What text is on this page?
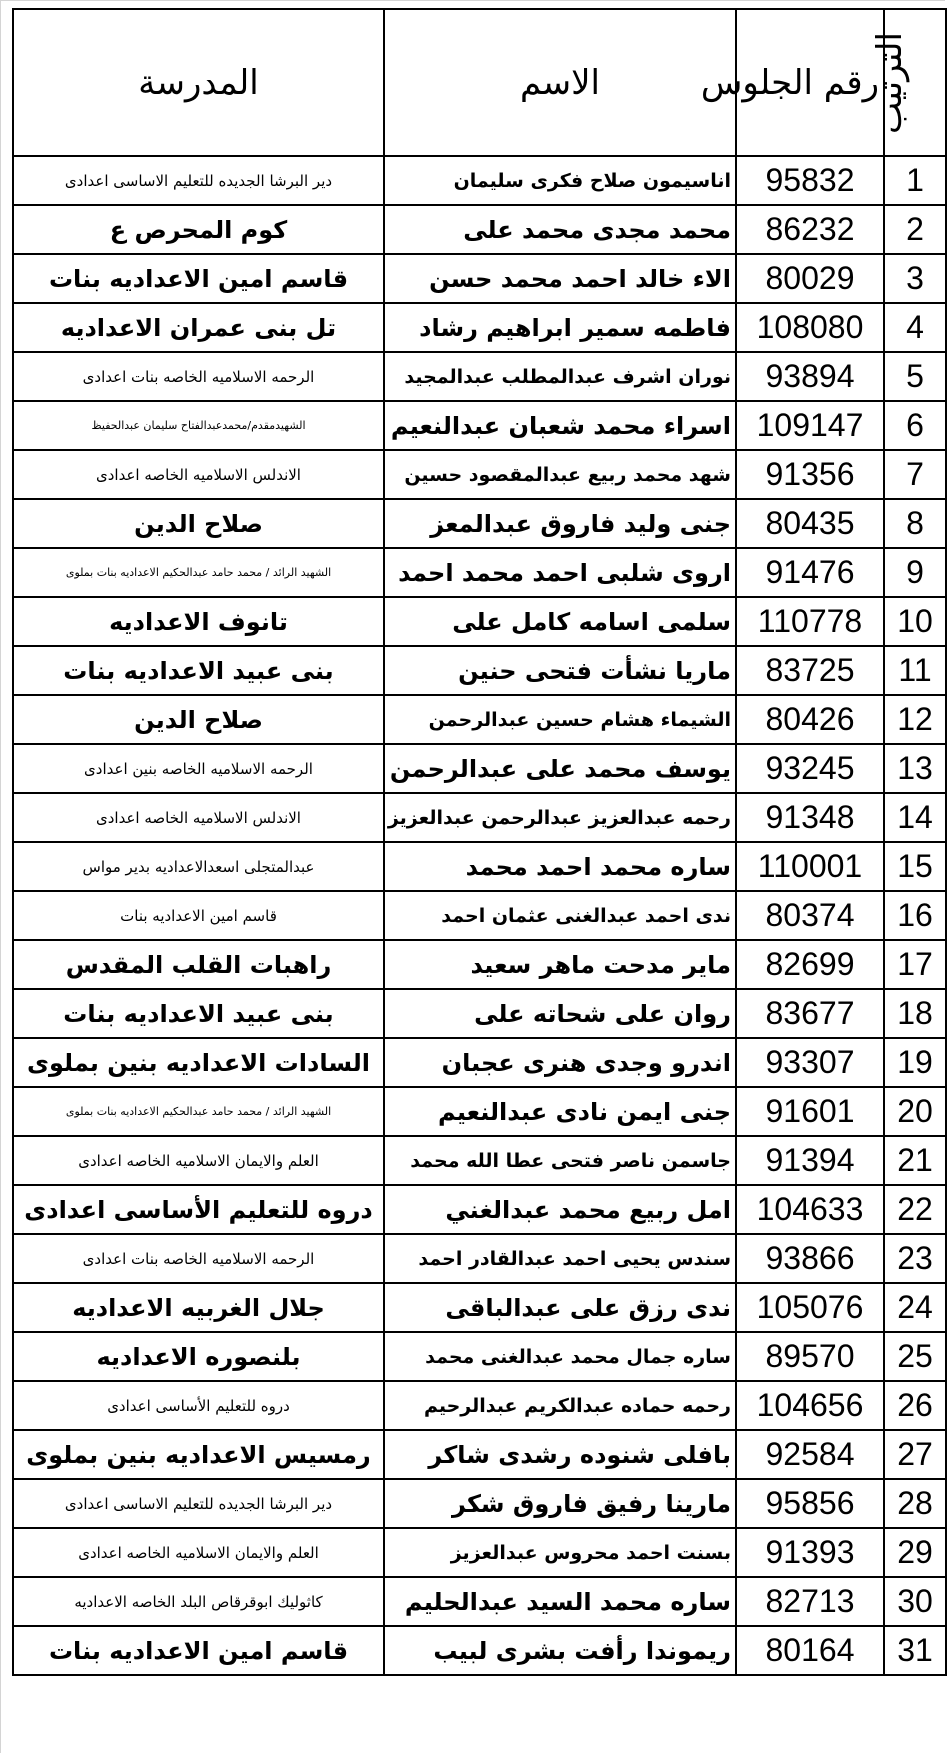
الترتيب	رقم الجلوس	الاسم	المدرسة
1	95832	اناسيمون صلاح فكرى سليمان	دير البرشا الجديده للتعليم الاساسى اعدادى
2	86232	محمد مجدى محمد على	كوم المحرص ع
3	80029	الاء خالد احمد محمد حسن	قاسم امين الاعداديه بنات
4	108080	فاطمه سمير ابراهيم رشاد	تل بنى عمران الاعداديه
5	93894	نوران اشرف عبدالمطلب عبدالمجيد	الرحمه الاسلاميه الخاصه بنات اعدادى
6	109147	اسراء محمد شعبان عبدالنعيم	الشهيدمقدم/محمدعبدالفتاح سليمان عبدالحفيظ
7	91356	شهد محمد ربيع عبدالمقصود حسين	الاندلس الاسلاميه الخاصه اعدادى
8	80435	جنى وليد فاروق عبدالمعز	صلاح الدين
9	91476	اروى شلبى احمد محمد احمد	الشهيد الرائد / محمد حامد عبدالحكيم الاعداديه بنات بملوى
10	110778	سلمى اسامه كامل على	تانوف الاعداديه
11	83725	ماريا نشأت فتحى حنين	بنى عبيد الاعداديه بنات
12	80426	الشيماء هشام حسين عبدالرحمن	صلاح الدين
13	93245	يوسف محمد على عبدالرحمن	الرحمه الاسلاميه الخاصه بنين اعدادى
14	91348	رحمه عبدالعزيز عبدالرحمن عبدالعزيز	الاندلس الاسلاميه الخاصه اعدادى
15	110001	ساره محمد احمد محمد	عبدالمتجلى اسعدالاعداديه بدير مواس
16	80374	ندى احمد عبدالغنى عثمان احمد	قاسم امين الاعداديه بنات
17	82699	ماير مدحت ماهر سعيد	راهبات القلب المقدس
18	83677	روان على شحاته على	بنى عبيد الاعداديه بنات
19	93307	اندرو وجدى هنرى عجبان	السادات الاعداديه بنين بملوى
20	91601	جنى ايمن نادى عبدالنعيم	الشهيد الرائد / محمد حامد عبدالحكيم الاعداديه بنات بملوى
21	91394	جاسمن ناصر فتحى عطا الله محمد	العلم والايمان الاسلاميه الخاصه اعدادى
22	104633	امل ربيع محمد عبدالغني	دروه للتعليم الأساسى اعدادى
23	93866	سندس يحيى احمد عبدالقادر احمد	الرحمه الاسلاميه الخاصه بنات اعدادى
24	105076	ندى رزق على عبدالباقى	جلال الغربيه الاعداديه
25	89570	ساره جمال محمد عبدالغنى محمد	بلنصوره الاعداديه
26	104656	رحمه حماده عبدالكريم عبدالرحيم	دروه للتعليم الأساسى اعدادى
27	92584	بافلى شنوده رشدى شاكر	رمسيس الاعداديه بنين بملوى
28	95856	مارينا رفيق فاروق شكر	دير البرشا الجديده للتعليم الاساسى اعدادى
29	91393	بسنت احمد محروس عبدالعزيز	العلم والايمان الاسلاميه الخاصه اعدادى
30	82713	ساره محمد السيد عبدالحليم	كاثوليك ابوقرقاص البلد الخاصه الاعداديه
31	80164	ريموندا رأفت بشرى لبيب	قاسم امين الاعداديه بنات
